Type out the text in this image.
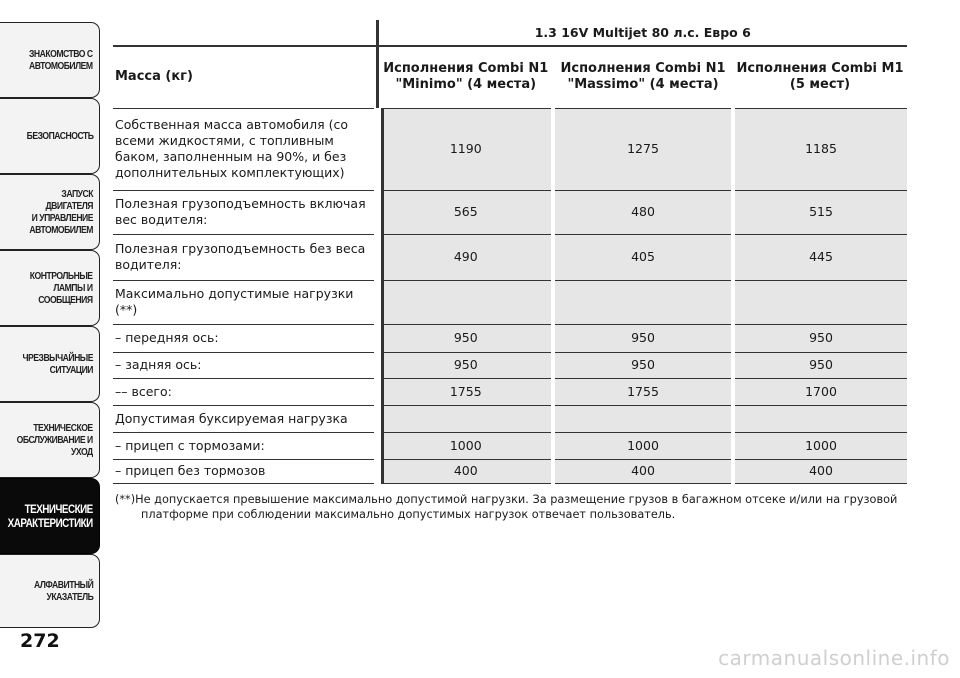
ЗНАКОМСТВО С
АВТОМОБИЛЕМ
БЕЗОПАСНОСТЬ
ЗАПУСК ДВИГАТЕЛЯ
И УПРАВЛЕНИЕ
АВТОМОБИЛЕМ
КОНТРОЛЬНЫЕ
ЛАМПЫ И
СООБЩЕНИЯ
ЧРЕЗВЫЧАЙНЫЕ
СИТУАЦИИ
ТЕХНИЧЕСКОЕ
ОБСЛУЖИВАНИЕ И
УХОД
ТЕХНИЧЕСКИЕ
ХАРАКТЕРИСТИКИ
АЛФАВИТНЫЙ
УКАЗАТЕЛЬ
272
	1.3 16V Multijet 80 л.с. Евро 6		
Масса (кг)	Исполнения Combi N1 "Minimo" (4 места)	Исполнения Combi N1 "Massimo" (4 места)	Исполнения Combi M1 (5 мест)
Собственная масса автомобиля (со всеми жидкостями, с топливным баком, заполненным на 90%, и без дополнительных комплектующих)	1190	1275	1185
Полезная грузоподъемность включая вес водителя:	565	480	515
Полезная грузоподъемность без веса водителя:	490	405	445
Максимально допустимые нагрузки (**)			
– передняя ось:	950	950	950
– задняя ось:	950	950	950
–– всего:	1755	1755	1700
Допустимая буксируемая нагрузка			
– прицеп с тормозами:	1000	1000	1000
– прицеп без тормозов	400	400	400
(**)Не допускается превышение максимально допустимой нагрузки. За размещение грузов в багажном отсеке и/или на грузовой платформе при соблюдении максимально допустимых нагрузок отвечает пользователь.
carmanualsonline.info
